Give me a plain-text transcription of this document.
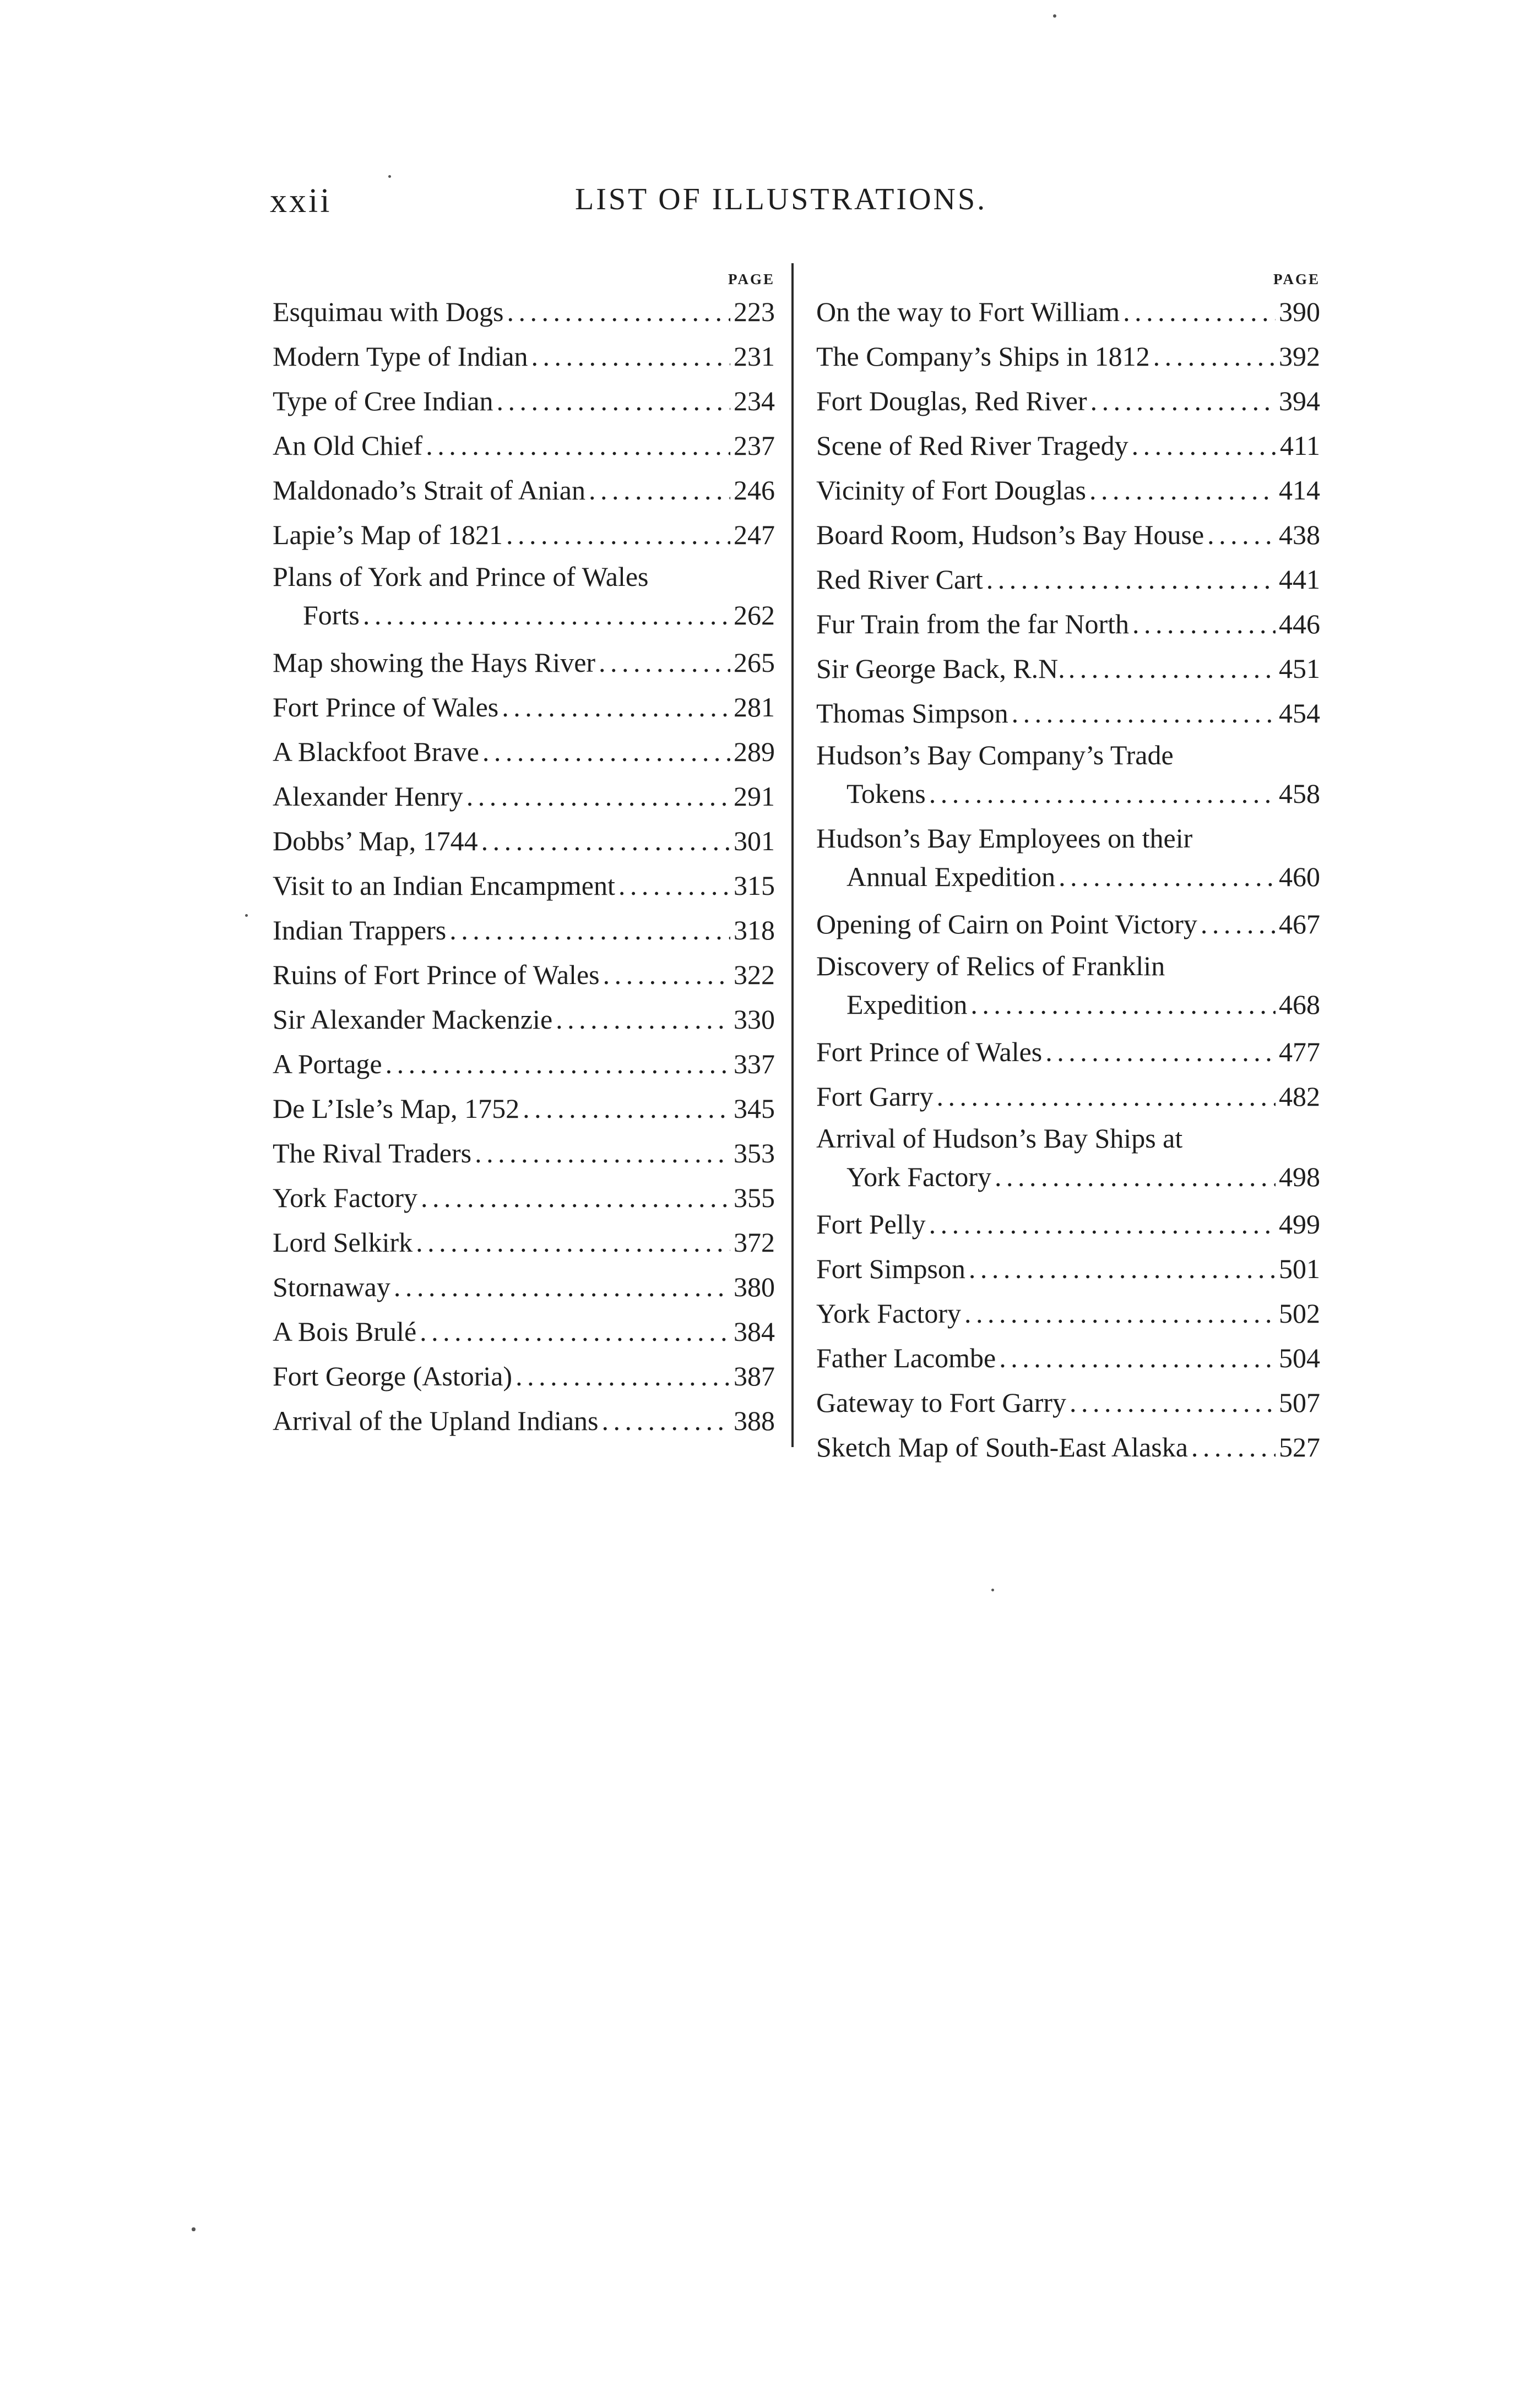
xxii	LIST OF ILLUSTRATIONS.
PAGE
Esquimau with Dogs . . .	223
Modern Type of Indian . . .	231
Type of Cree Indian . . .	234
An Old Chief . . .	237
Maldonado’s Strait of Anian . . .	246
Lapie’s Map of 1821 . . .	247
Plans of York and Prince of Wales
Forts . . .	262
Map showing the Hays River . . .	265
Fort Prince of Wales . . .	281
A Blackfoot Brave . . .	289
Alexander Henry . . .	291
Dobbs’ Map, 1744 . . .	301
Visit to an Indian Encampment . . .	315
Indian Trappers . . .	318
Ruins of Fort Prince of Wales . . .	322
Sir Alexander Mackenzie . . .	330
A Portage . . .	337
De L’Isle’s Map, 1752 . . .	345
The Rival Traders . . .	353
York Factory . . .	355
Lord Selkirk . . .	372
Stornaway . . .	380
A Bois Brulé . . .	384
Fort George (Astoria) . . .	387
Arrival of the Upland Indians . . .	388
PAGE
On the way to Fort William . . .	390
The Company’s Ships in 1812 . . .	392
Fort Douglas, Red River . . .	394
Scene of Red River Tragedy . . .	411
Vicinity of Fort Douglas . . .	414
Board Room, Hudson’s Bay House . . .	438
Red River Cart . . .	441
Fur Train from the far North . . .	446
Sir George Back, R.N. . . .	451
Thomas Simpson . . .	454
Hudson’s Bay Company’s Trade
Tokens . . .	458
Hudson’s Bay Employees on their
Annual Expedition . . .	460
Opening of Cairn on Point Victory . . .	467
Discovery of Relics of Franklin
Expedition . . .	468
Fort Prince of Wales . . .	477
Fort Garry . . .	482
Arrival of Hudson’s Bay Ships at
York Factory . . .	498
Fort Pelly . . .	499
Fort Simpson . . .	501
York Factory . . .	502
Father Lacombe . . .	504
Gateway to Fort Garry . . .	507
Sketch Map of South-East Alaska . . .	527
